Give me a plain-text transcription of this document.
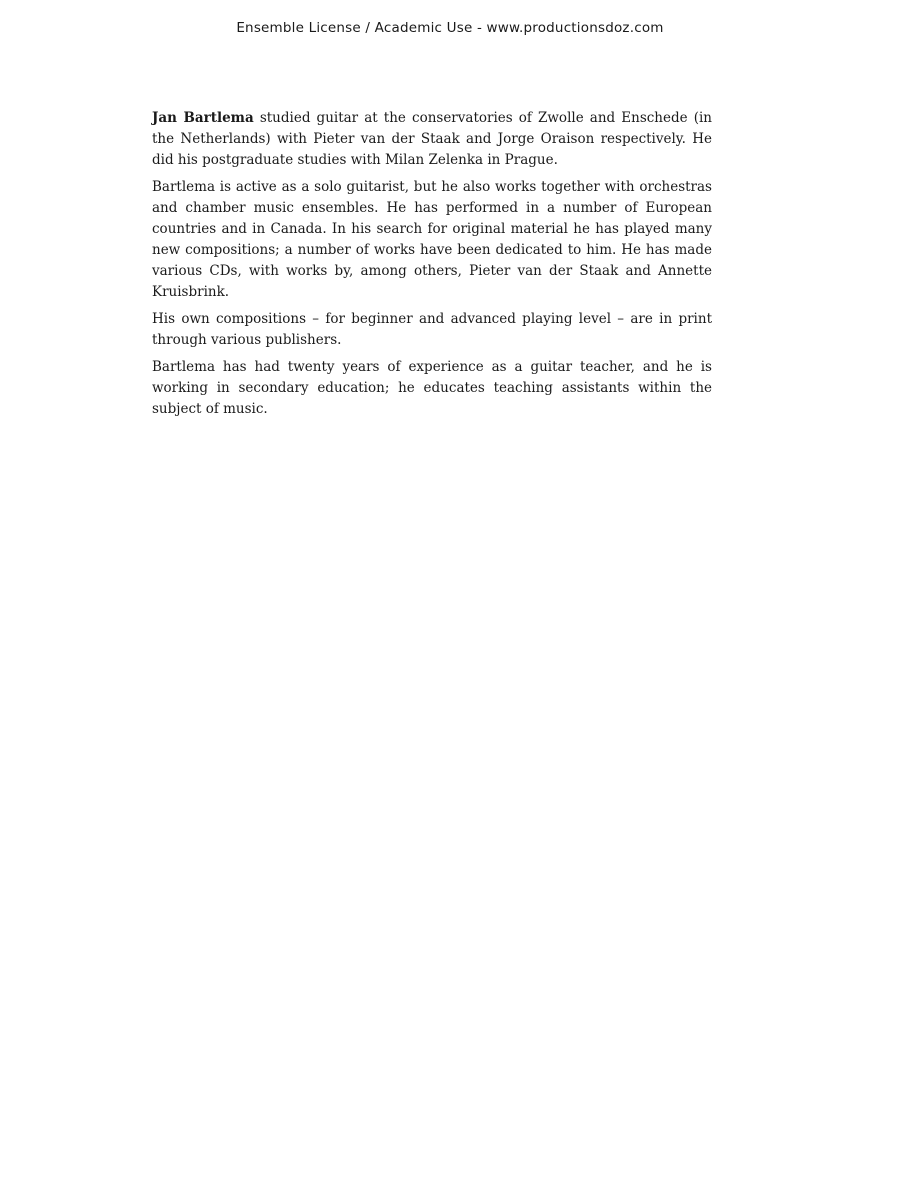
Ensemble License / Academic Use - www.productionsdoz.com

Jan Bartlema studied guitar at the conservatories of Zwolle and Enschede (in the Netherlands) with Pieter van der Staak and Jorge Oraison respectively. He did his postgraduate studies with Milan Zelenka in Prague.

Bartlema is active as a solo guitarist, but he also works together with orchestras and chamber music ensembles. He has performed in a number of European countries and in Canada. In his search for original material he has played many new compositions; a number of works have been dedicated to him. He has made various CDs, with works by, among others, Pieter van der Staak and Annette Kruisbrink.

His own compositions – for beginner and advanced playing level – are in print through various publishers.

Bartlema has had twenty years of experience as a guitar teacher, and he is working in secondary education; he educates teaching assistants within the subject of music.
